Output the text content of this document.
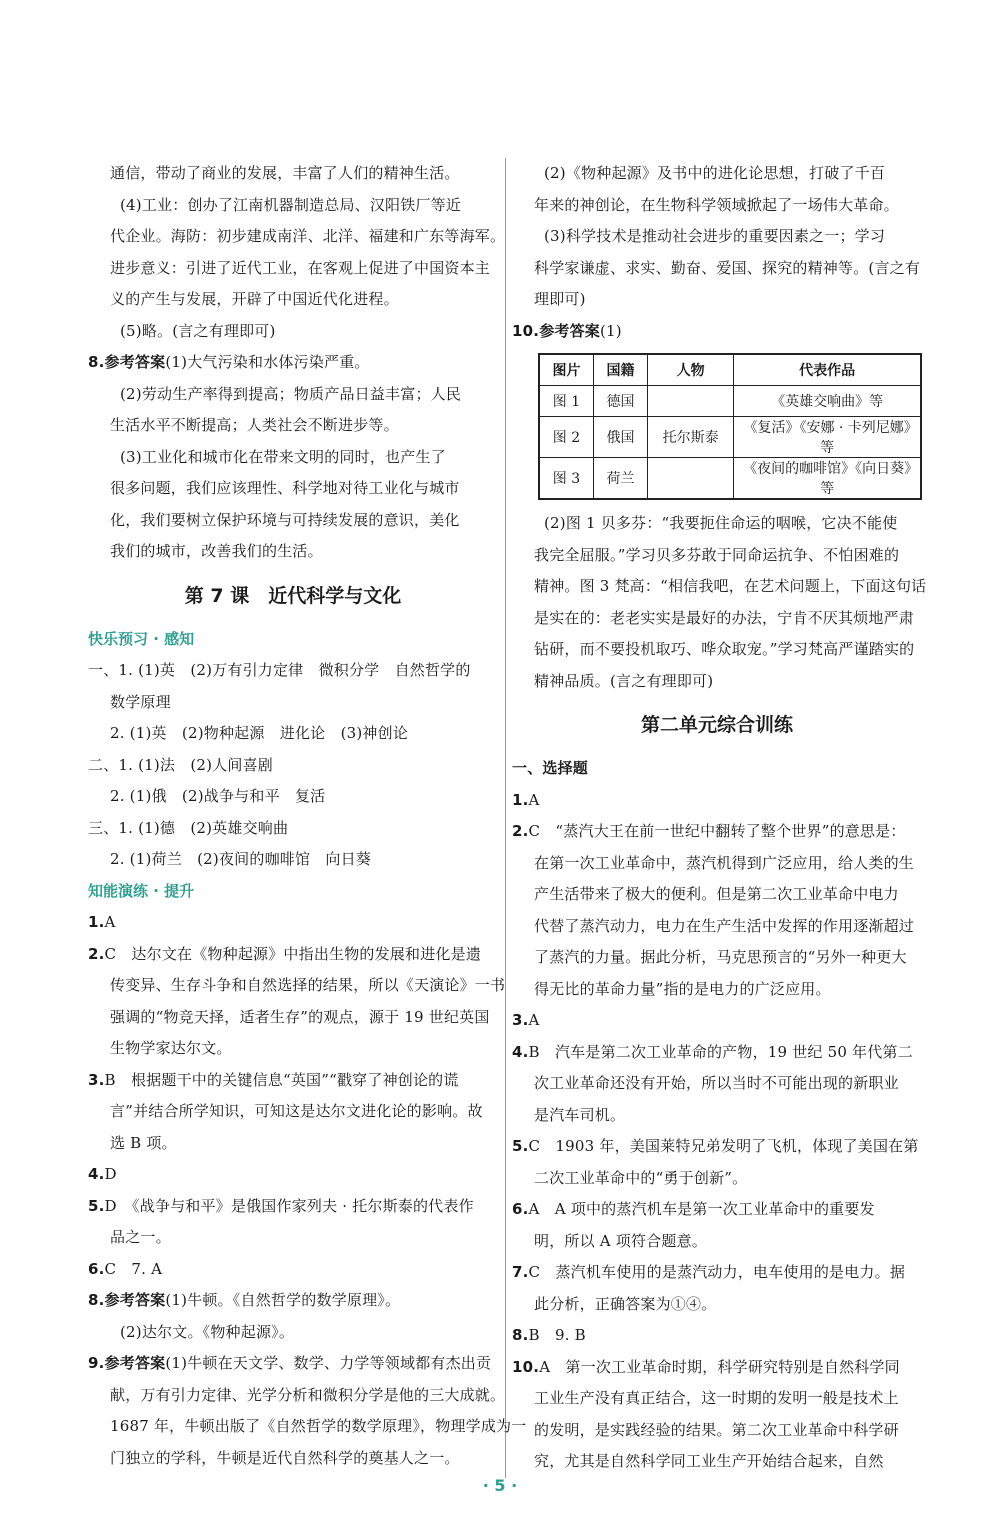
通信，带动了商业的发展，丰富了人们的精神生活。
(4)工业：创办了江南机器制造总局、汉阳铁厂等近
代企业。海防：初步建成南洋、北洋、福建和广东等海军。
进步意义：引进了近代工业，在客观上促进了中国资本主
义的产生与发展，开辟了中国近代化进程。
(5)略。(言之有理即可)
8.参考答案(1)大气污染和水体污染严重。
(2)劳动生产率得到提高；物质产品日益丰富；人民
生活水平不断提高；人类社会不断进步等。
(3)工业化和城市化在带来文明的同时，也产生了
很多问题，我们应该理性、科学地对待工业化与城市
化，我们要树立保护环境与可持续发展的意识，美化
我们的城市，改善我们的生活。
第 7 课　近代科学与文化
快乐预习 · 感知
一、1. (1)英　(2)万有引力定律　微积分学　自然哲学的
数学原理
2. (1)英　(2)物种起源　进化论　(3)神创论
二、1. (1)法　(2)人间喜剧
2. (1)俄　(2)战争与和平　复活
三、1. (1)德　(2)英雄交响曲
2. (1)荷兰　(2)夜间的咖啡馆　向日葵
知能演练 · 提升
1.A
2.C　达尔文在《物种起源》中指出生物的发展和进化是遗
传变异、生存斗争和自然选择的结果，所以《天演论》一书
强调的“物竞天择，适者生存”的观点，源于 19 世纪英国
生物学家达尔文。
3.B　根据题干中的关键信息“英国”“戳穿了神创论的谎
言”并结合所学知识，可知这是达尔文进化论的影响。故
选 B 项。
4.D
5.D　《战争与和平》是俄国作家列夫 · 托尔斯泰的代表作
品之一。
6.C　7. A
8.参考答案(1)牛顿。《自然哲学的数学原理》。
(2)达尔文。《物种起源》。
9.参考答案(1)牛顿在天文学、数学、力学等领域都有杰出贡
献，万有引力定律、光学分析和微积分学是他的三大成就。
1687 年，牛顿出版了《自然哲学的数学原理》，物理学成为一
门独立的学科，牛顿是近代自然科学的奠基人之一。
(2)《物种起源》及书中的进化论思想，打破了千百
年来的神创论，在生物科学领域掀起了一场伟大革命。
(3)科学技术是推动社会进步的重要因素之一；学习
科学家谦虚、求实、勤奋、爱国、探究的精神等。(言之有
理即可)
10.参考答案(1)
图片	国籍	人物	代表作品
图 1	德国		《英雄交响曲》等
图 2	俄国	托尔斯泰	《复活》《安娜 · 卡列尼娜》等
图 3	荷兰		《夜间的咖啡馆》《向日葵》等
(2)图 1 贝多芬：“我要扼住命运的咽喉，它决不能使
我完全屈服。”学习贝多芬敢于同命运抗争、不怕困难的
精神。图 3 梵高：“相信我吧，在艺术问题上，下面这句话
是实在的：老老实实是最好的办法，宁肯不厌其烦地严肃
钻研，而不要投机取巧、哗众取宠。”学习梵高严谨踏实的
精神品质。(言之有理即可)
第二单元综合训练
一、选择题
1.A
2.C　“蒸汽大王在前一世纪中翻转了整个世界”的意思是：
在第一次工业革命中，蒸汽机得到广泛应用，给人类的生
产生活带来了极大的便利。但是第二次工业革命中电力
代替了蒸汽动力，电力在生产生活中发挥的作用逐渐超过
了蒸汽的力量。据此分析，马克思预言的“另外一种更大
得无比的革命力量”指的是电力的广泛应用。
3.A
4.B　汽车是第二次工业革命的产物，19 世纪 50 年代第二
次工业革命还没有开始，所以当时不可能出现的新职业
是汽车司机。
5.C　1903 年，美国莱特兄弟发明了飞机，体现了美国在第
二次工业革命中的“勇于创新”。
6.A　A 项中的蒸汽机车是第一次工业革命中的重要发
明，所以 A 项符合题意。
7.C　蒸汽机车使用的是蒸汽动力，电车使用的是电力。据
此分析，正确答案为①④。
8.B　9. B
10.A　第一次工业革命时期，科学研究特别是自然科学同
工业生产没有真正结合，这一时期的发明一般是技术上
的发明，是实践经验的结果。第二次工业革命中科学研
究，尤其是自然科学同工业生产开始结合起来，自然
· 5 ·
